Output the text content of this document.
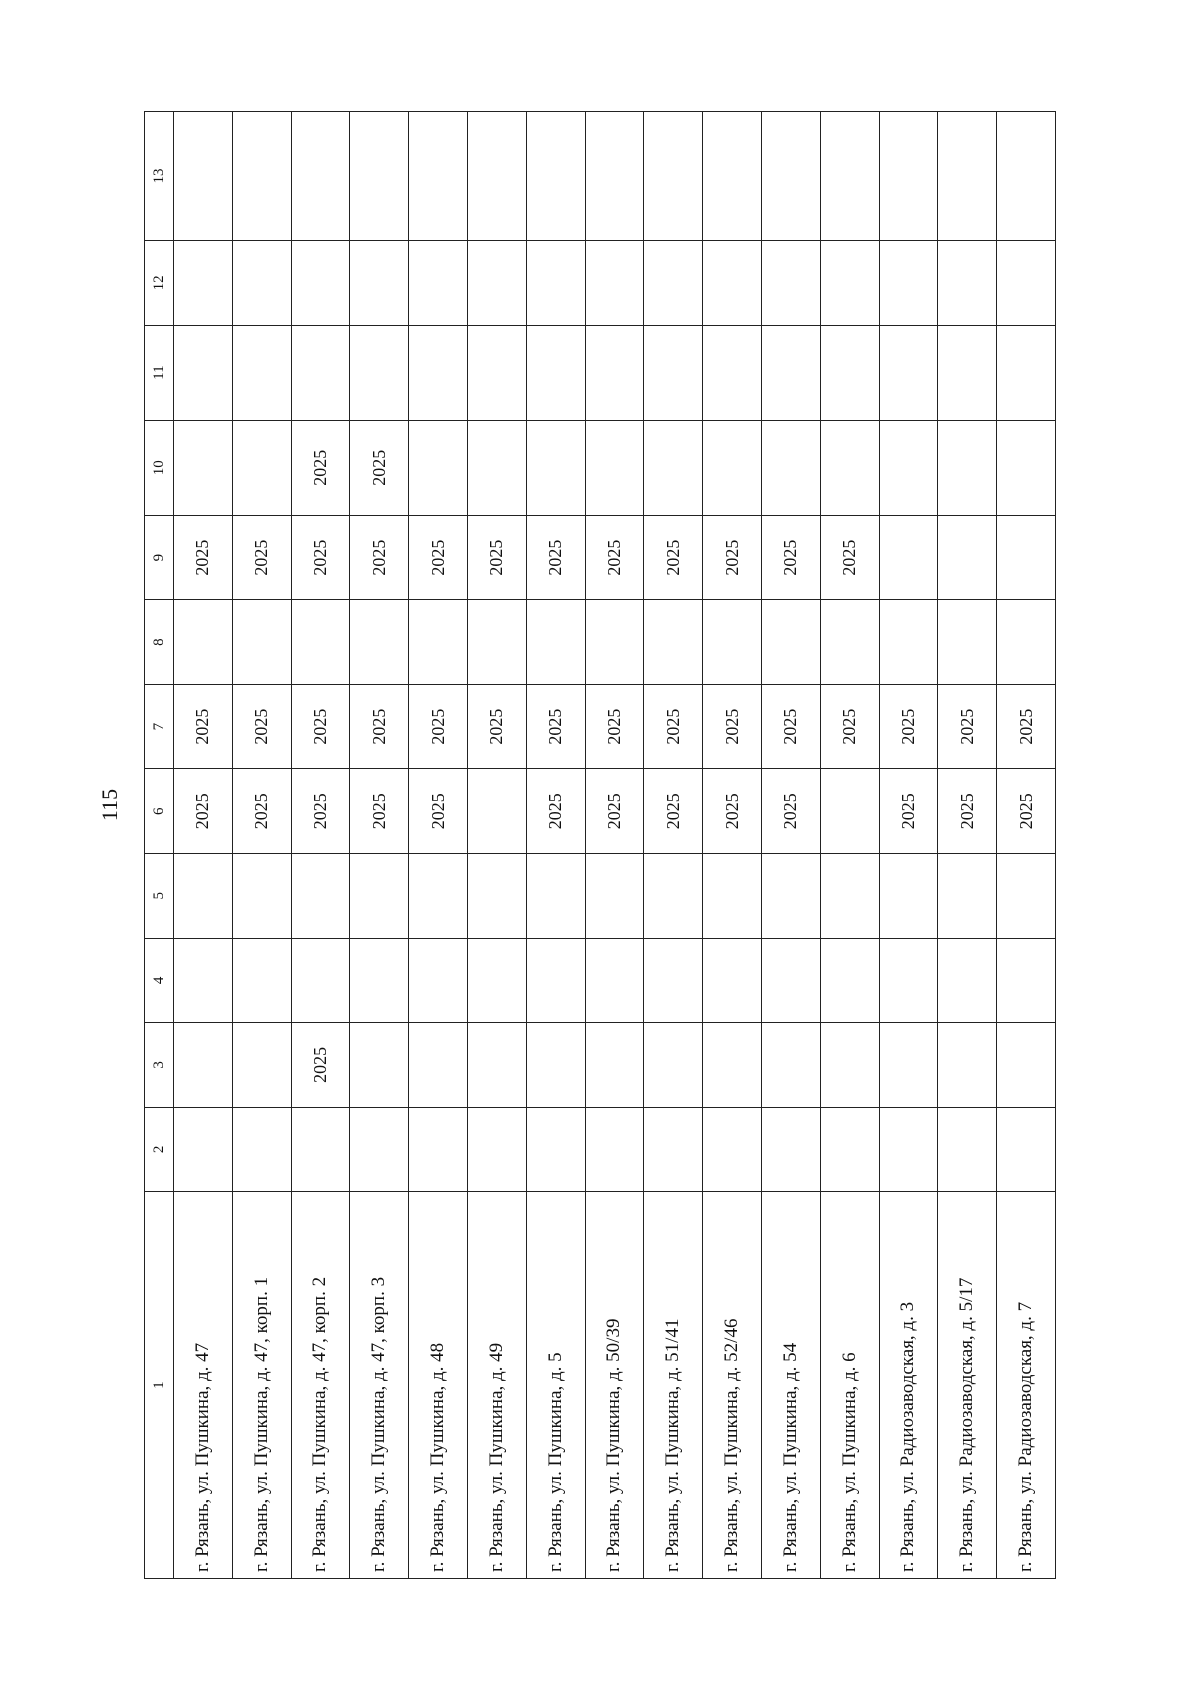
115
1	2	3	4	5	6	7	8	9	10	11	12	13
г. Рязань, ул. Пушкина, д. 47					2025	2025		2025				
г. Рязань, ул. Пушкина, д. 47, корп. 1					2025	2025		2025				
г. Рязань, ул. Пушкина, д. 47, корп. 2		2025			2025	2025		2025	2025			
г. Рязань, ул. Пушкина, д. 47, корп. 3					2025	2025		2025	2025			
г. Рязань, ул. Пушкина, д. 48					2025	2025		2025				
г. Рязань, ул. Пушкина, д. 49						2025		2025				
г. Рязань, ул. Пушкина, д. 5					2025	2025		2025				
г. Рязань, ул. Пушкина, д. 50/39					2025	2025		2025				
г. Рязань, ул. Пушкина, д. 51/41					2025	2025		2025				
г. Рязань, ул. Пушкина, д. 52/46					2025	2025		2025				
г. Рязань, ул. Пушкина, д. 54					2025	2025		2025				
г. Рязань, ул. Пушкина, д. 6						2025		2025				
г. Рязань, ул. Радиозаводская, д. 3					2025	2025						
г. Рязань, ул. Радиозаводская, д. 5/17					2025	2025						
г. Рязань, ул. Радиозаводская, д. 7					2025	2025						
